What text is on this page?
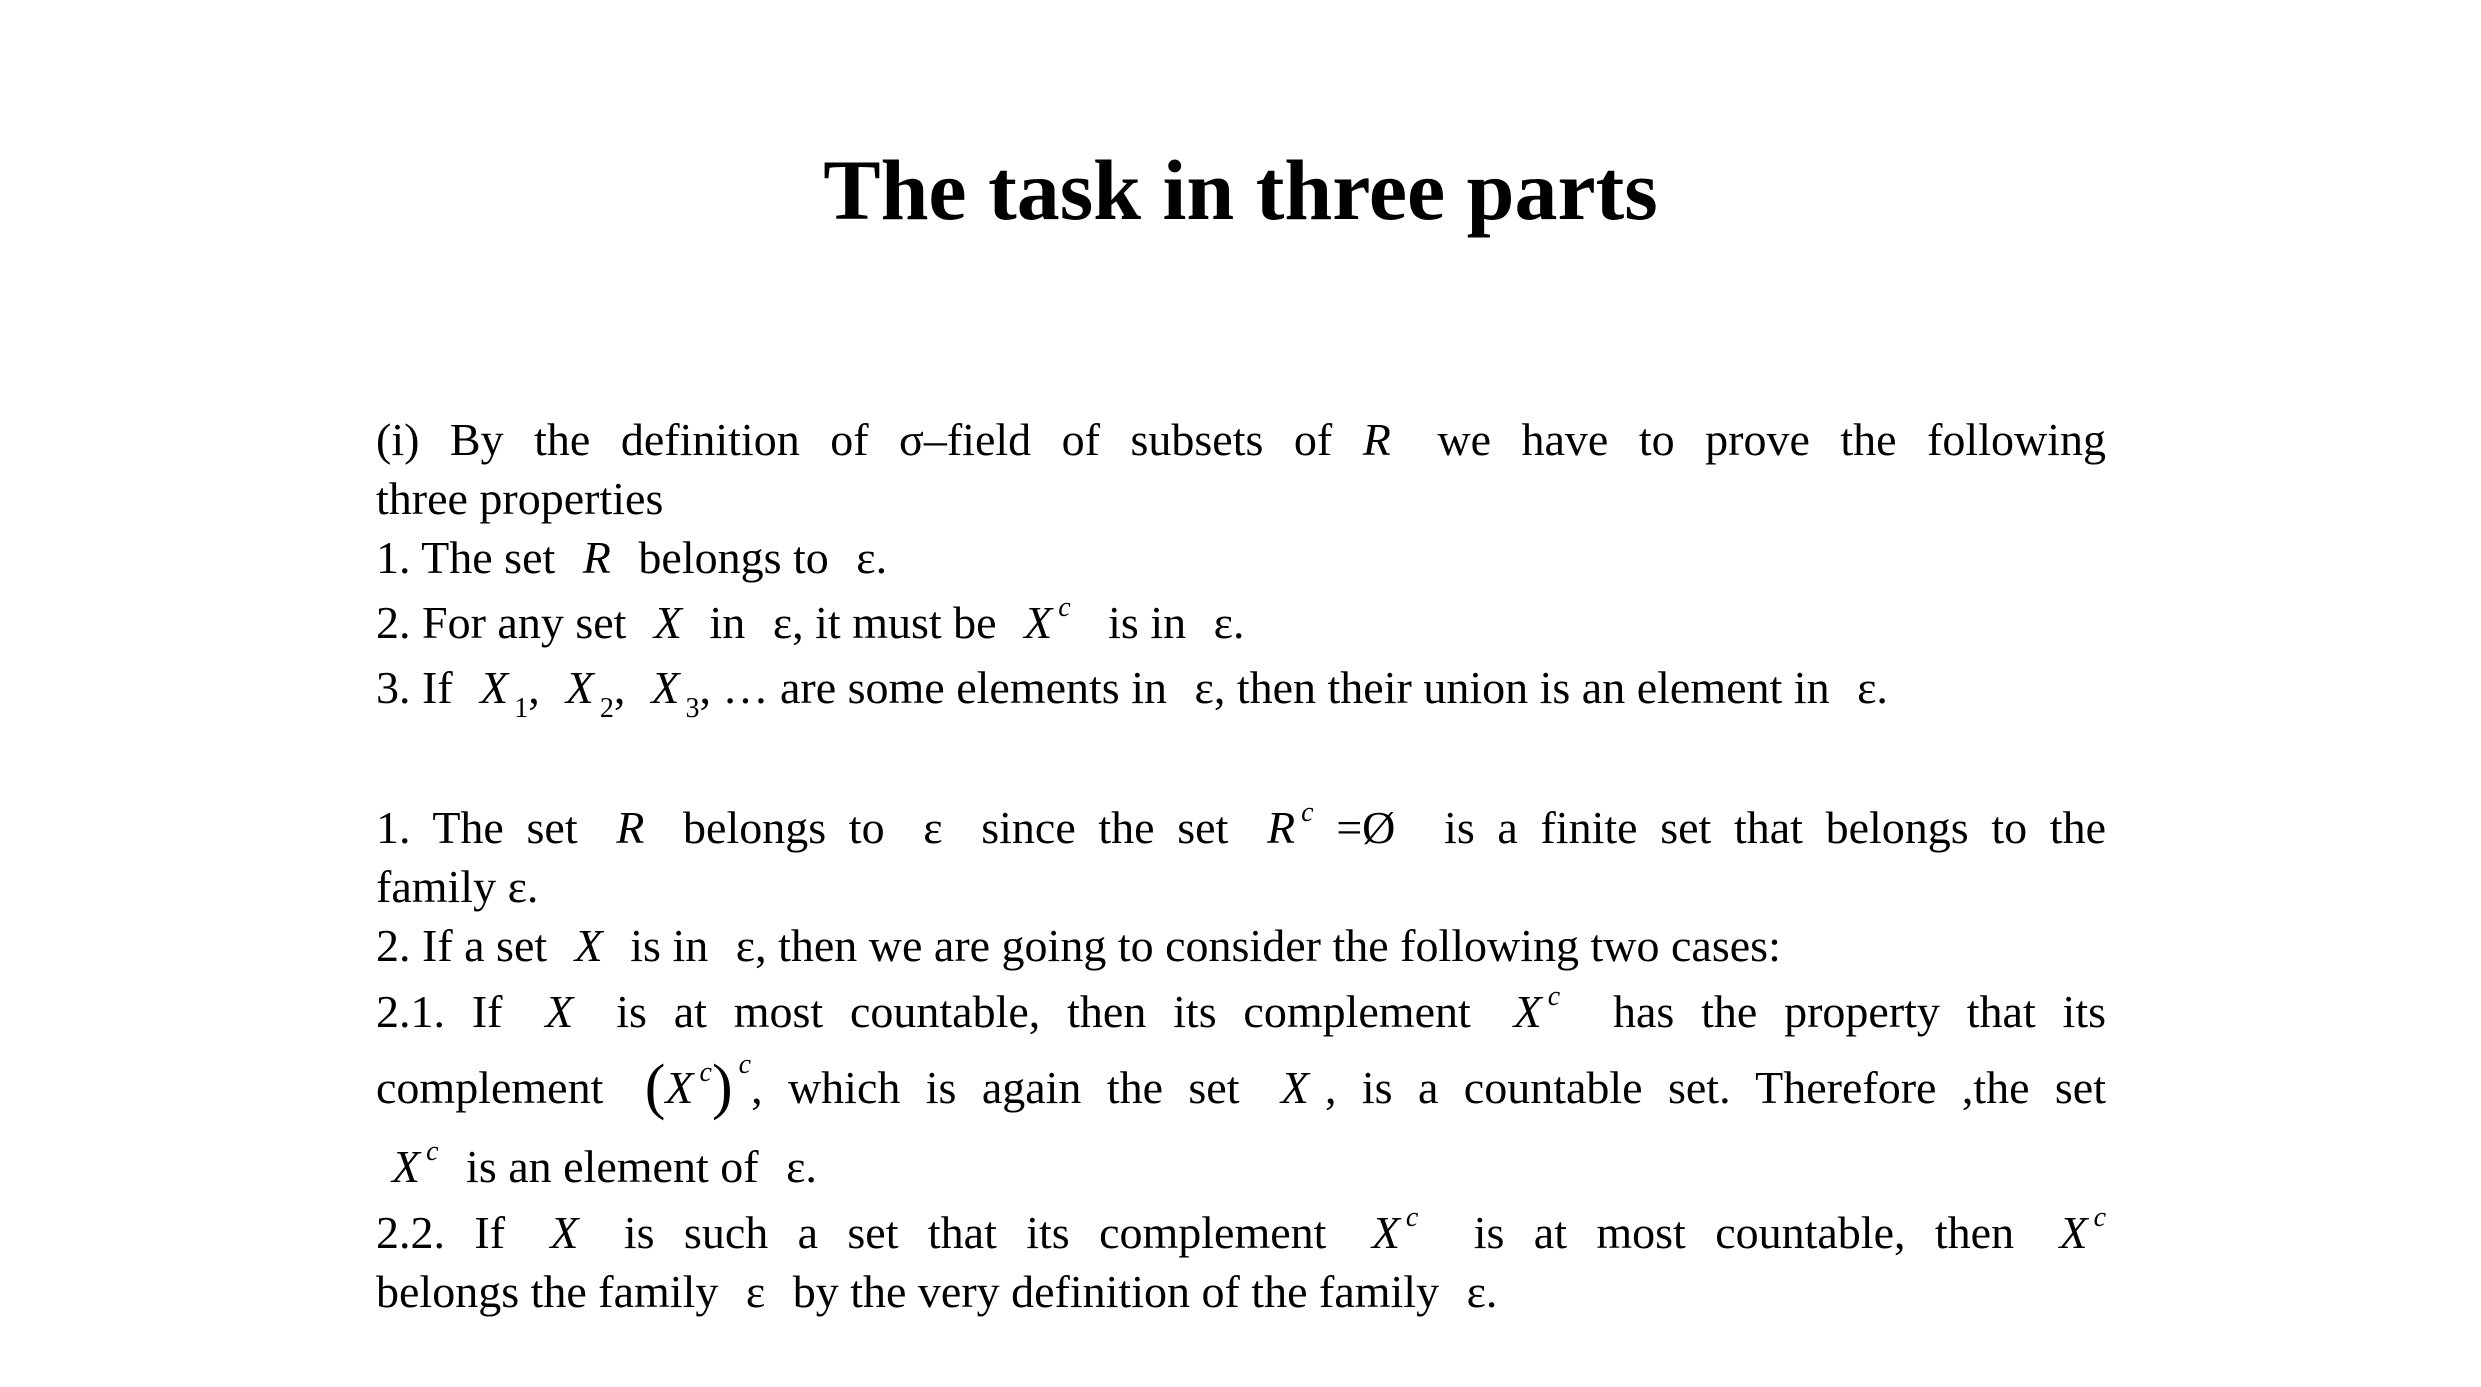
The task in three parts
(i) By the definition of σ–field of subsets of R we have to prove the following
three properties
1. The set R belongs to ε.
2. For any set X in ε, it must be X $^c$ is in ε.
3. If X $_1$, X $_2$, X $_3$, … are some elements in ε, then their union is an element in ε.
1. The set R belongs to ε since the set R $^c$ =Ø is a finite set that belongs to the
family ε.
2. If a set X is in ε, then we are going to consider the following two cases:
2.1. If X is at most countable, then its complement X $^c$ has the property that its
complement (X $^c$) $^c$, which is again the set X , is a countable set. Therefore ,the set
X $^c$ is an element of ε.
2.2. If X is such a set that its complement X $^c$ is at most countable, then X $^c$
belongs the family ε by the very definition of the family ε.
